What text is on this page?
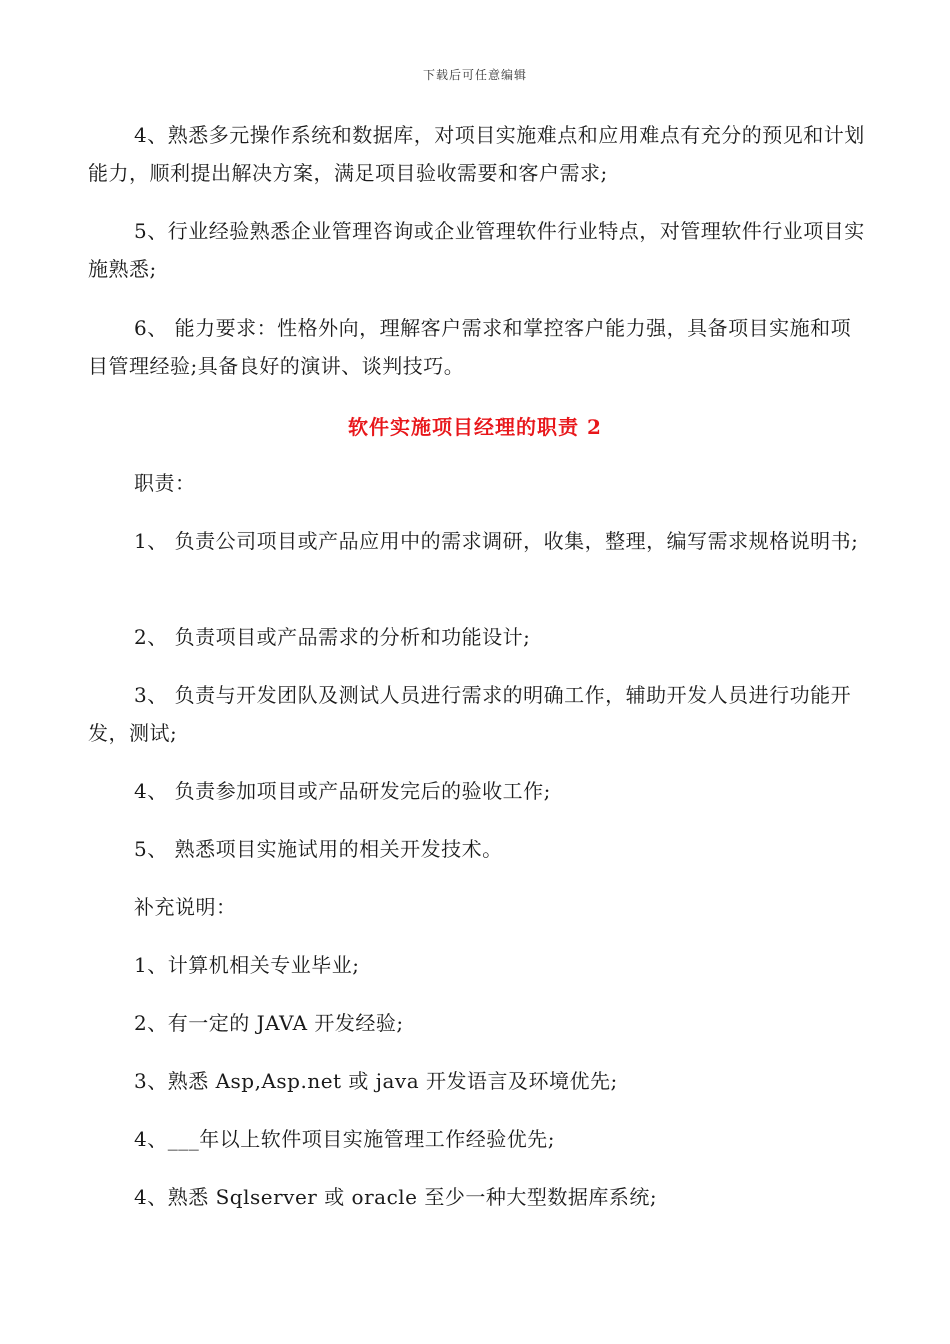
下载后可任意编辑

4、熟悉多元操作系统和数据库，对项目实施难点和应用难点有充分的预见和计划能力，顺利提出解决方案，满足项目验收需要和客户需求;

5、行业经验熟悉企业管理咨询或企业管理软件行业特点，对管理软件行业项目实施熟悉;

6、 能力要求：性格外向，理解客户需求和掌控客户能力强，具备项目实施和项目管理经验;具备良好的演讲、谈判技巧。

软件实施项目经理的职责 2

职责：

1、 负责公司项目或产品应用中的需求调研，收集，整理，编写需求规格说明书;

2、 负责项目或产品需求的分析和功能设计;

3、 负责与开发团队及测试人员进行需求的明确工作，辅助开发人员进行功能开发，测试;

4、 负责参加项目或产品研发完后的验收工作;

5、 熟悉项目实施试用的相关开发技术。

补充说明：

1、计算机相关专业毕业;

2、有一定的 JAVA 开发经验;

3、熟悉 Asp,Asp.net 或 java 开发语言及环境优先;

4、___年以上软件项目实施管理工作经验优先;

4、熟悉 Sqlserver 或 oracle 至少一种大型数据库系统;
